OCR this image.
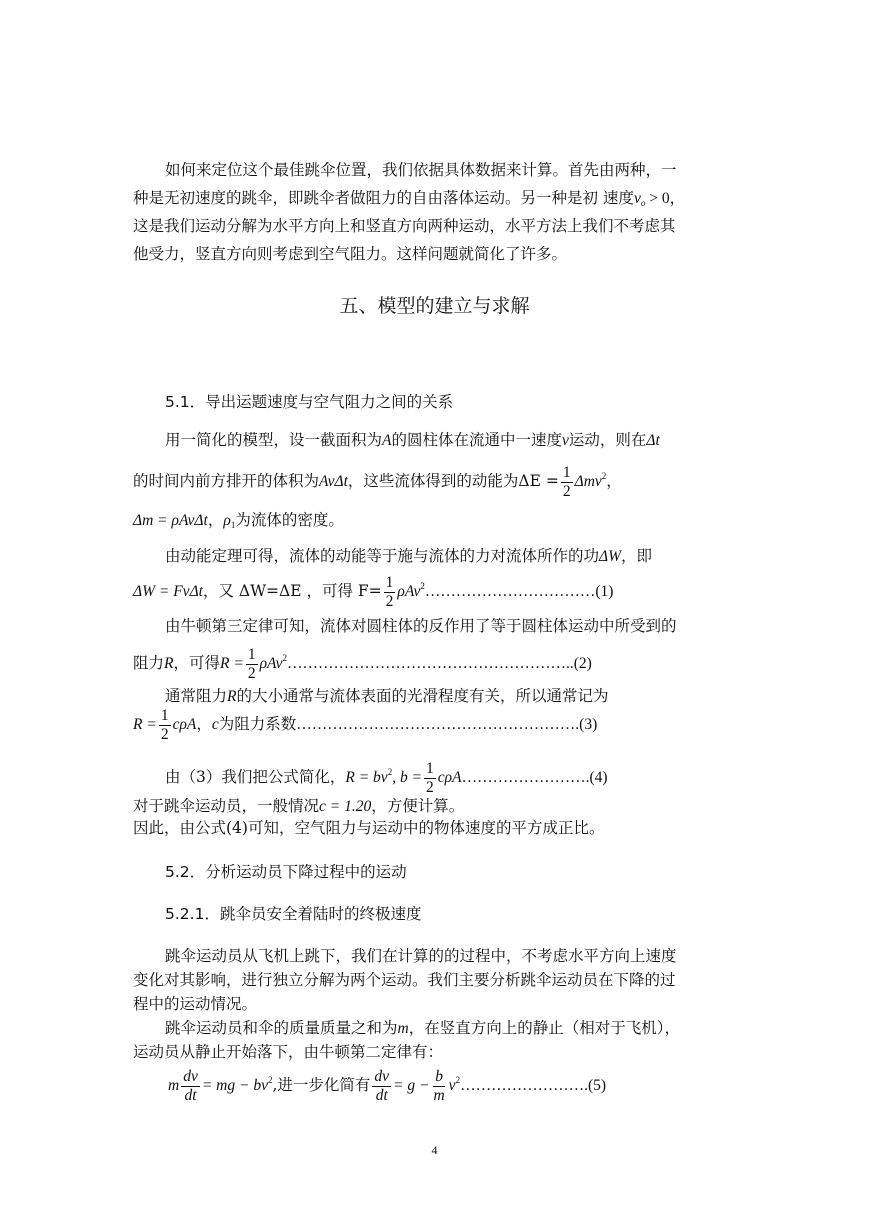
如何来定位这个最佳跳伞位置，我们依据具体数据来计算。首先由两种，一
种是无初速度的跳伞，即跳伞者做阻力的自由落体运动。另一种是初 速度$v_o > 0$，
这是我们运动分解为水平方向上和竖直方向两种运动，水平方法上我们不考虑其
他受力，竖直方向则考虑到空气阻力。这样问题就简化了许多。
五、模型的建立与求解
5.1．导出运题速度与空气阻力之间的关系
用一简化的模型，设一截面积为A的圆柱体在流通中一速度v运动，则在Δt
的时间内前方排开的体积为AvΔt，这些流体得到的动能为$\Delta E = \frac{1}{2} \Delta mv^2$，
Δm = ρAvΔt，$\rho_1$为流体的密度。
由动能定理可得，流体的动能等于施与流体的力对流体所作的功ΔW，即
ΔW = FvΔt，又 ΔW=ΔE ，可得 $F= \frac{1}{2}$ ρAv$^2$……………………………(1)
由牛顿第三定律可知，流体对圆柱体的反作用了等于圆柱体运动中所受到的
阻力R，可得$R = \frac{1}{2}$ ρAv$^2$………………………………………………..(2)
通常阻力R的大小通常与流体表面的光滑程度有关，所以通常记为
$R = \frac{1}{2}$ cρA，c为阻力系数……………………………………………….(3)
由（3）我们把公式简化，$R = bv^2$, $b = \frac{1}{2}$ cρA…………………….(4)
对于跳伞运动员，一般情况c = 1.20，方便计算。
因此，由公式(4)可知，空气阻力与运动中的物体速度的平方成正比。
5.2．分析运动员下降过程中的运动
5.2.1．跳伞员安全着陆时的终极速度
跳伞运动员从飞机上跳下，我们在计算的的过程中，不考虑水平方向上速度
变化对其影响，进行独立分解为两个运动。我们主要分析跳伞运动员在下降的过
程中的运动情况。
跳伞运动员和伞的质量质量之和为m，在竖直方向上的静止（相对于飞机），
运动员从静止开始落下，由牛顿第二定律有：
m $\frac{dv}{dt}$ = mg − $bv^2$,进一步化简有 $\frac{dv}{dt} = g - \frac{b}{m}$ $v^2\dots\dots\dots\dots\dots\dots\dots\dots.(5)$
4
